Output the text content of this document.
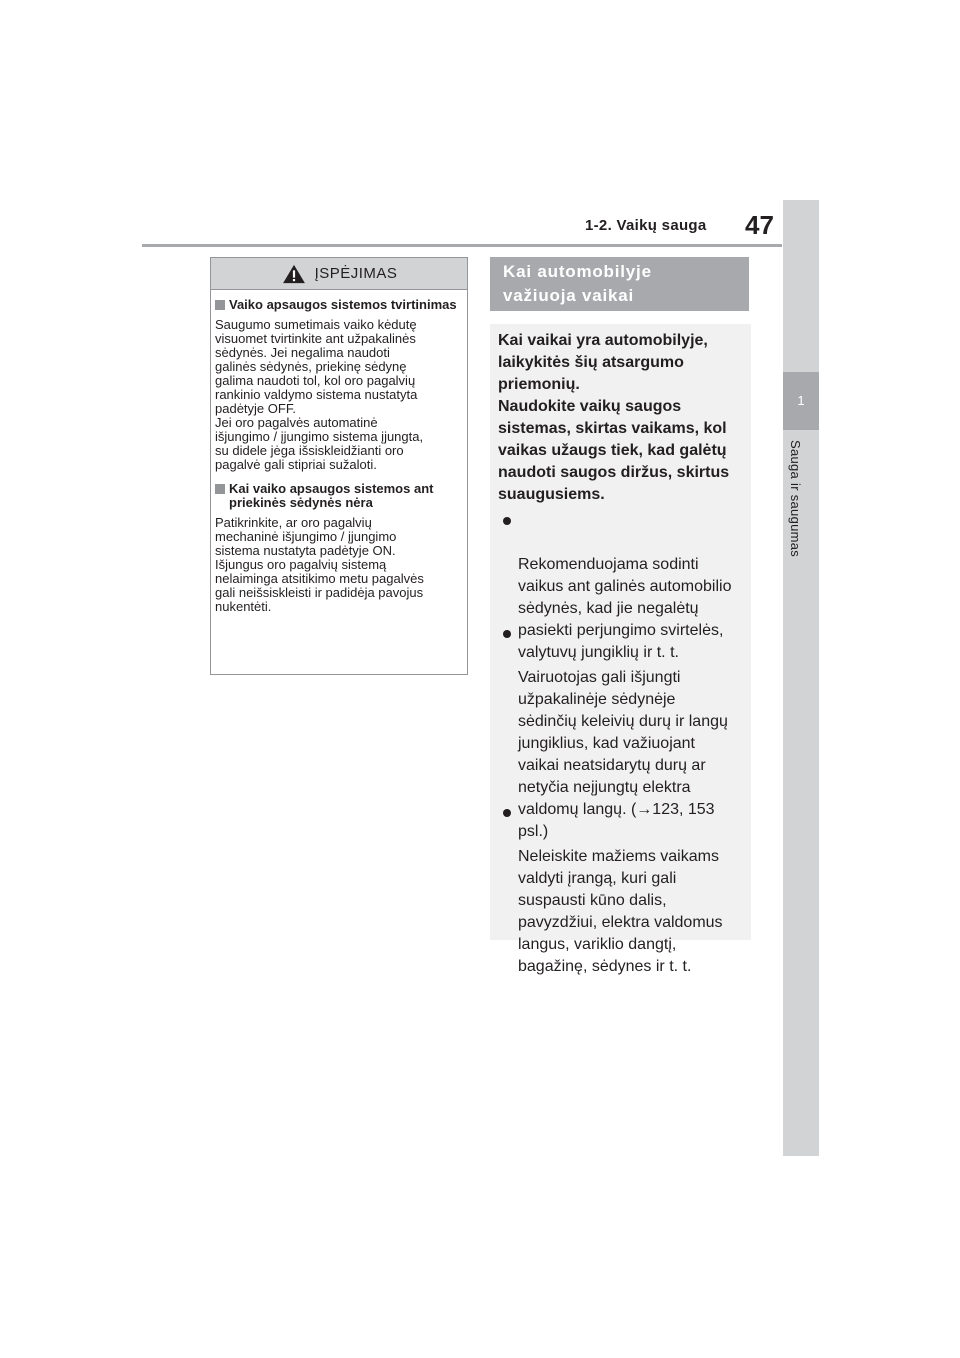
1-2. Vaikų sauga 47
1
Sauga ir saugumas
ĮSPĖJIMAS
Vaiko apsaugos sistemos tvirtinimas
Saugumo sumetimais vaiko kėdutę
visuomet tvirtinkite ant užpakalinės
sėdynės. Jei negalima naudoti
galinės sėdynės, priekinę sėdynę
galima naudoti tol, kol oro pagalvių
rankinio valdymo sistema nustatyta
padėtyje OFF.
Jei oro pagalvės automatinė
išjungimo / įjungimo sistema įjungta,
su didele jėga išsiskleidžianti oro
pagalvė gali stipriai sužaloti.
Kai vaiko apsaugos sistemos ant priekinės sėdynės nėra
Patikrinkite, ar oro pagalvių
mechaninė išjungimo / įjungimo
sistema nustatyta padėtyje ON.
Išjungus oro pagalvių sistemą
nelaiminga atsitikimo metu pagalvės
gali neišsiskleisti ir padidėja pavojus
nukentėti.
Kai automobilyje
važiuoja vaikai
Kai vaikai yra automobilyje,
laikykitės šių atsargumo
priemonių.
Naudokite vaikų saugos
sistemas, skirtas vaikams, kol
vaikas užaugs tiek, kad galėtų
naudoti saugos diržus, skirtus
suaugusiems.

Rekomenduojama sodinti
vaikus ant galinės automobilio
sėdynės, kad jie negalėtų
pasiekti perjungimo svirtelės,
valytuvų jungiklių ir t. t.

Vairuotojas gali išjungti
užpakalinėje sėdynėje
sėdinčių keleivių durų ir langų
jungiklius, kad važiuojant
vaikai neatsidarytų durų ar
netyčia neįjungtų elektra
valdomų langų. (→123, 153
psl.)

Neleiskite mažiems vaikams
valdyti įrangą, kuri gali
suspausti kūno dalis,
pavyzdžiui, elektra valdomus
langus, variklio dangtį,
bagažinę, sėdynes ir t. t.
